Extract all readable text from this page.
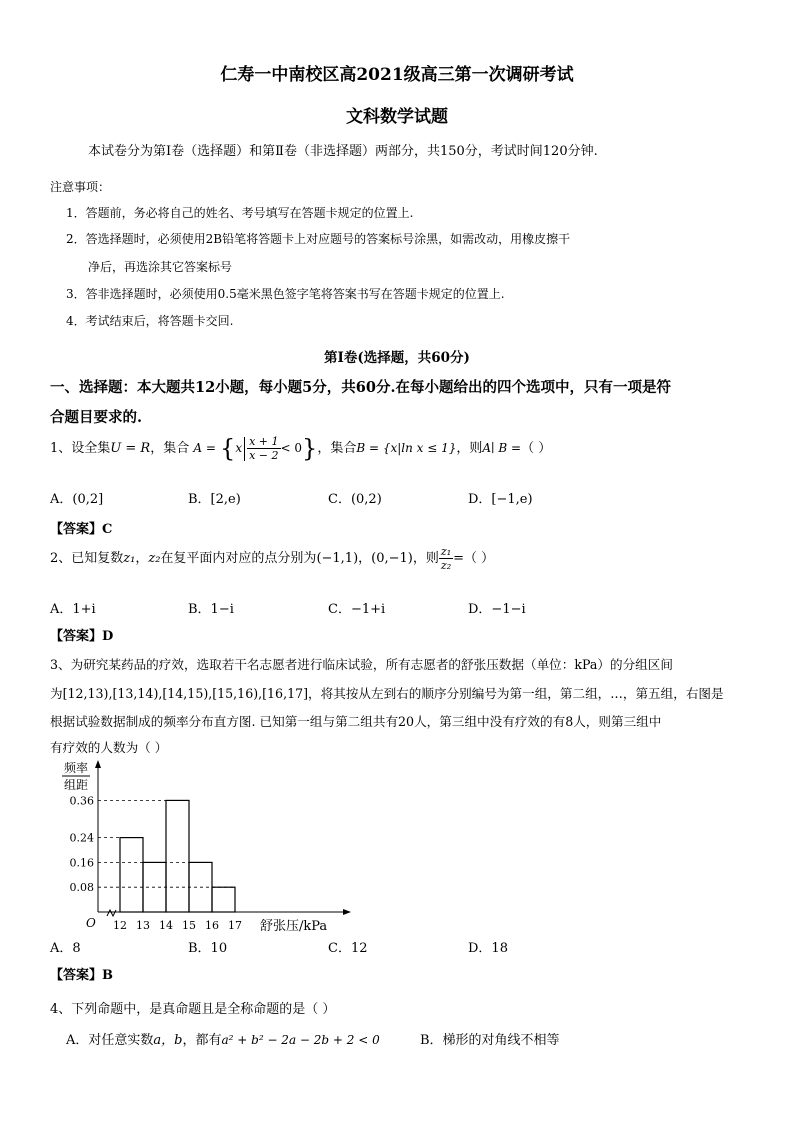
仁寿一中南校区高2021级高三第一次调研考试
文科数学试题
本试卷分为第Ⅰ卷（选择题）和第Ⅱ卷（非选择题）两部分，共150分，考试时间120分钟.
注意事项：
1．答题前，务必将自己的姓名、考号填写在答题卡规定的位置上.
2．答选择题时，必须使用2B铅笔将答题卡上对应题号的答案标号涂黑，如需改动，用橡皮擦干
净后，再选涂其它答案标号
3．答非选择题时，必须使用0.5毫米黑色签字笔将答案书写在答题卡规定的位置上.
4．考试结束后，将答题卡交回.
第Ⅰ卷(选择题，共60分)
一、选择题：本大题共12小题，每小题5分，共60分.在每小题给出的四个选项中，只有一项是符
合题目要求的.
1、设全集U = R，集合 $A = \{x \frac{x + 1}{x - 2} < 0\}$，集合B = {x|ln x ≤ 1}，则A∣ B =（ ）
A．(0,2]	B．[2,e)	C．(0,2)	D．[−1,e)
【答案】C
2、已知复数z₁，z₂在复平面内对应的点分别为(−1,1)，(0,−1)，则 $\frac{\text{z₁}}{\text{z₂}}$ =（ ）
A．1+i	B．1−i	C．−1+i	D．−1−i
【答案】D
3、为研究某药品的疗效，选取若干名志愿者进行临床试验，所有志愿者的舒张压数据（单位：kPa）的分组区间
为[12,13),[13,14),[14,15),[15,16),[16,17]，将其按从左到右的顺序分别编号为第一组，第二组，…，第五组，右图是
根据试验数据制成的频率分布直方图. 已知第一组与第二组共有20人，第三组中没有疗效的有8人，则第三组中
有疗效的人数为（ ）
频率
组距
0.08
0.16
0.24
0.36
12 13 14 15 16 17
O	舒张压/kPa
A．8	B．10	C．12	D．18
【答案】B
4、下列命题中，是真命题且是全称命题的是（ ）
A．对任意实数a，b，都有a² + b² − 2a − 2b + 2 < 0	B．梯形的对角线不相等
